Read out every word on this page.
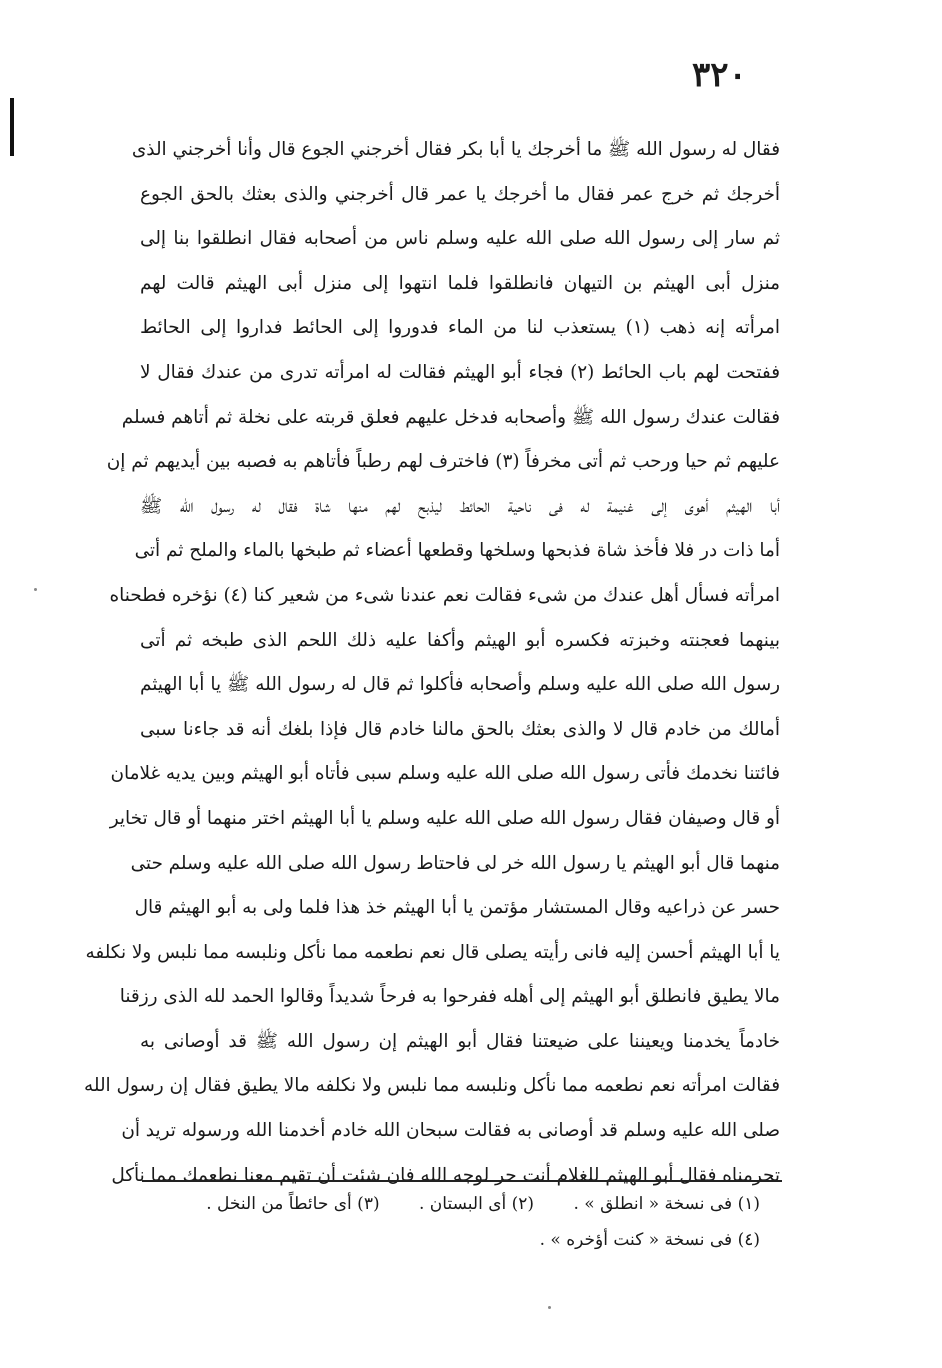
٣٢٠
فقال له رسول الله ﷺ ما أخرجك يا أبا بكر فقال أخرجني الجوع قال وأنا أخرجني الذى
أخرجك ثم خرج عمر فقال ما أخرجك يا عمر قال أخرجني والذى بعثك بالحق الجوع
ثم سار إلى رسول الله صلى الله عليه وسلم ناس من أصحابه فقال انطلقوا بنا إلى
منزل أبى الهيثم بن التيهان فانطلقوا فلما انتهوا إلى منزل أبى الهيثم قالت لهم
امرأته إنه ذهب (١) يستعذب لنا من الماء فدوروا إلى الحائط فداروا إلى الحائط
ففتحت لهم باب الحائط (٢) فجاء أبو الهيثم فقالت له امرأته تدرى من عندك فقال لا
فقالت عندك رسول الله ﷺ وأصحابه فدخل عليهم فعلق قربته على نخلة ثم أتاهم فسلم
عليهم ثم حيا ورحب ثم أتى مخرفاً (٣) فاخترف لهم رطباً فأتاهم به فصبه بين أيديهم ثم إن
أبا الهيثم أهوى إلى غنيمة له فى ناحية الحائط ليذبح لهم منها شاة فقال له رسول الله ﷺ
أما ذات در فلا فأخذ شاة فذبحها وسلخها وقطعها أعضاء ثم طبخها بالماء والملح ثم أتى
امرأته فسأل أهل عندك من شىء فقالت نعم عندنا شىء من شعير كنا (٤) نؤخره فطحناه
بينهما فعجنته وخبزته فكسره أبو الهيثم وأكفا عليه ذلك اللحم الذى طبخه ثم أتى
رسول الله صلى الله عليه وسلم وأصحابه فأكلوا ثم قال له رسول الله ﷺ يا أبا الهيثم
أمالك من خادم قال لا والذى بعثك بالحق مالنا خادم قال فإذا بلغك أنه قد جاءنا سبى
فائتنا نخدمك فأتى رسول الله صلى الله عليه وسلم سبى فأتاه أبو الهيثم وبين يديه غلامان
أو قال وصيفان فقال رسول الله صلى الله عليه وسلم يا أبا الهيثم اختر منهما أو قال تخاير
منهما قال أبو الهيثم يا رسول الله خر لى فاحتاط رسول الله صلى الله عليه وسلم حتى
حسر عن ذراعيه وقال المستشار مؤتمن يا أبا الهيثم خذ هذا فلما ولى به أبو الهيثم قال
يا أبا الهيثم أحسن إليه فانى رأيته يصلى قال نعم نطعمه مما نأكل ونلبسه مما نلبس ولا نكلفه
مالا يطيق فانطلق أبو الهيثم إلى أهله ففرحوا به فرحاً شديداً وقالوا الحمد لله الذى رزقنا
خادماً يخدمنا ويعيننا على ضيعتنا فقال أبو الهيثم إن رسول الله ﷺ قد أوصانى به
فقالت امرأته نعم نطعمه مما نأكل ونلبسه مما نلبس ولا نكلفه مالا يطيق فقال إن رسول الله
صلى الله عليه وسلم قد أوصانى به فقالت سبحان الله خادم أخدمنا الله ورسوله تريد أن
تحرمناه فقال أبو الهيثم للغلام أنت حر لوجه الله فان شئت أن تقيم معنا نطعمك مما نأكل
(١) فى نسخة « انطلق » . (٢) أى البستان . (٣) أى حائطاً من النخل .
(٤) فى نسخة « كنت أؤخره » .
